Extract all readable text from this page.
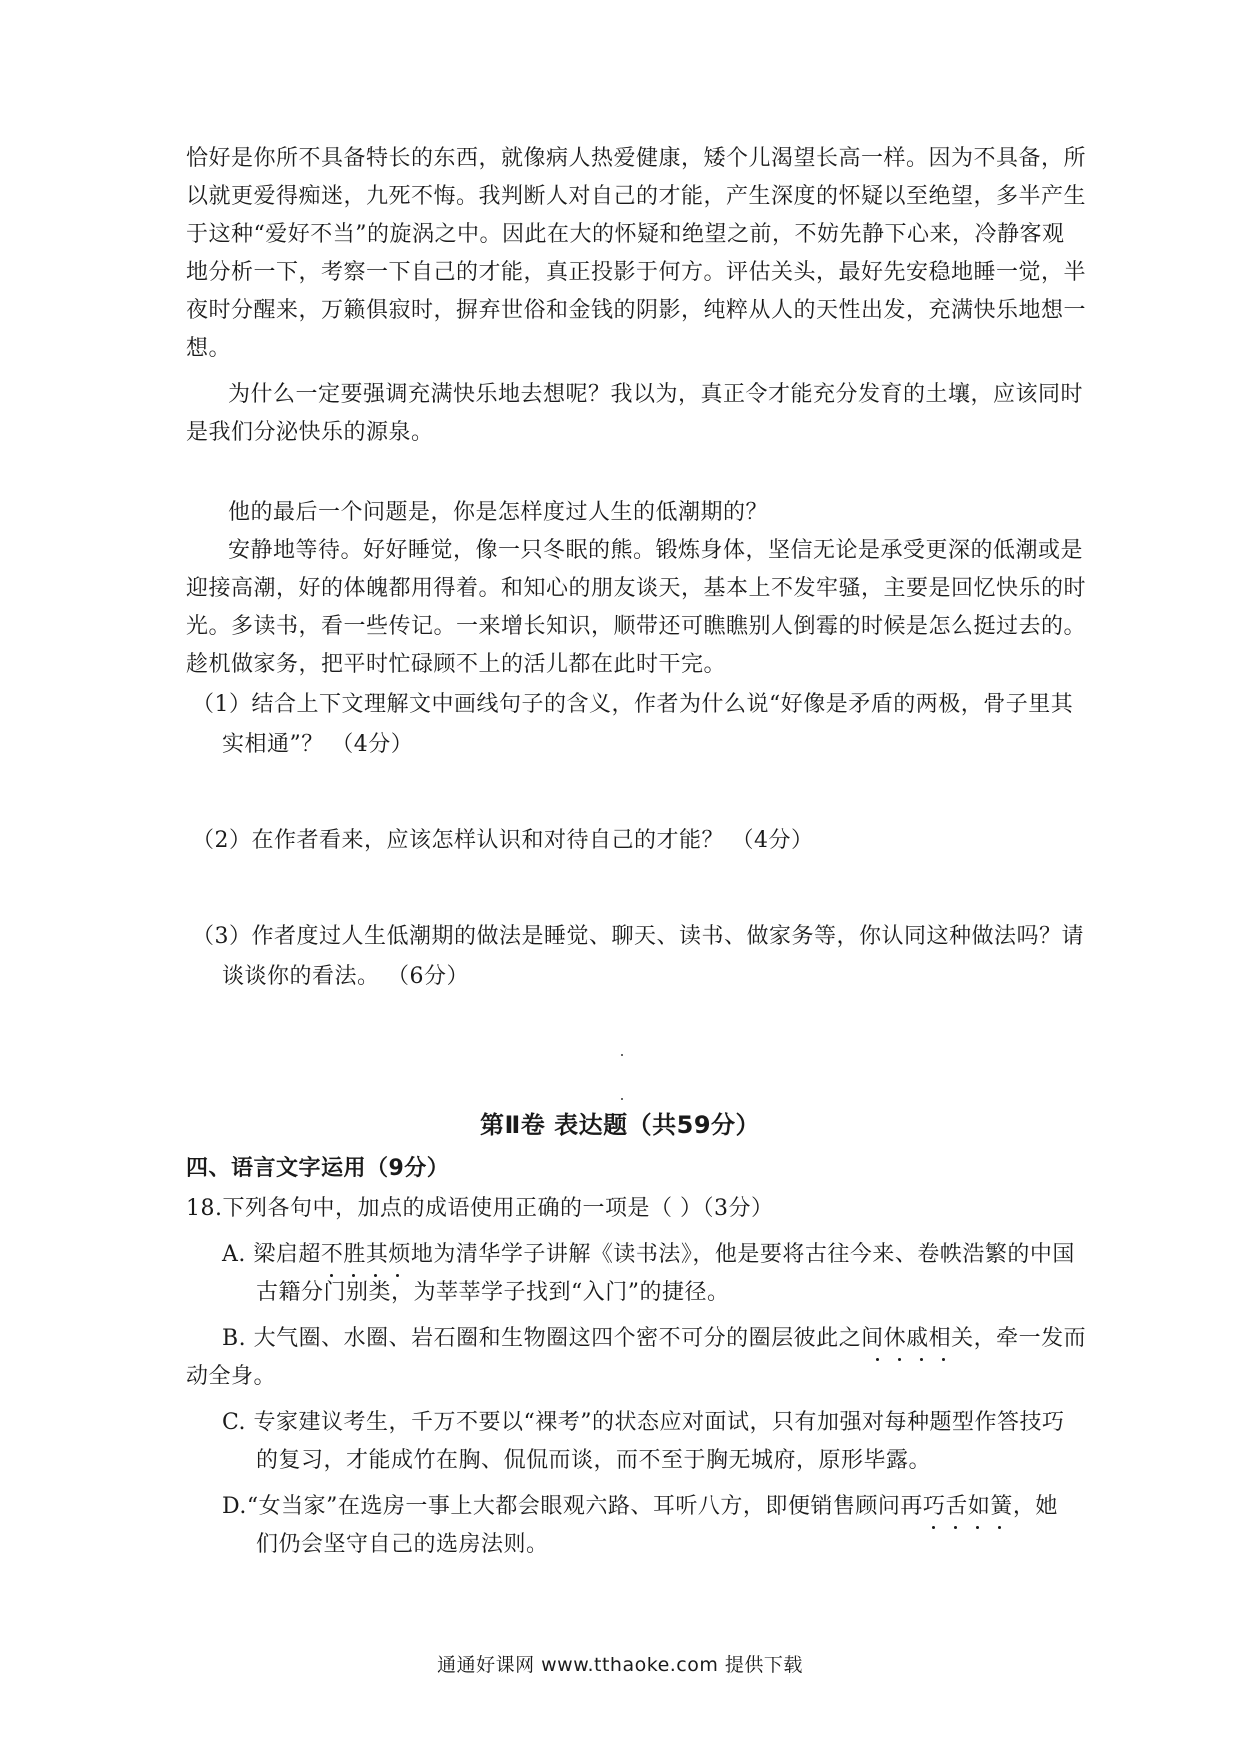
恰好是你所不具备特长的东西，就像病人热爱健康，矮个儿渴望长高一样。因为不具备，所
以就更爱得痴迷，九死不悔。我判断人对自己的才能，产生深度的怀疑以至绝望，多半产生
于这种“爱好不当”的旋涡之中。因此在大的怀疑和绝望之前，不妨先静下心来，冷静客观
地分析一下，考察一下自己的才能，真正投影于何方。评估关头，最好先安稳地睡一觉，半
夜时分醒来，万籁俱寂时，摒弃世俗和金钱的阴影，纯粹从人的天性出发，充满快乐地想一
想。
为什么一定要强调充满快乐地去想呢？我以为，真正令才能充分发育的土壤，应该同时
是我们分泌快乐的源泉。
他的最后一个问题是，你是怎样度过人生的低潮期的？
安静地等待。好好睡觉，像一只冬眠的熊。锻炼身体，坚信无论是承受更深的低潮或是
迎接高潮，好的体魄都用得着。和知心的朋友谈天，基本上不发牢骚，主要是回忆快乐的时
光。多读书，看一些传记。一来增长知识，顺带还可瞧瞧别人倒霉的时候是怎么挺过去的。
趁机做家务，把平时忙碌顾不上的活儿都在此时干完。
（1）结合上下文理解文中画线句子的含义，作者为什么说“好像是矛盾的两极，骨子里其
实相通”？ （4分）
（2）在作者看来，应该怎样认识和对待自己的才能？ （4分）
（3）作者度过人生低潮期的做法是睡觉、聊天、读书、做家务等，你认同这种做法吗？请
谈谈你的看法。 （6分）
第Ⅱ卷 表达题（共59分）
四、语言文字运用（9分）
18.下列各句中，加点的成语使用正确的一项是（ ）（3分）
A. 梁启超不胜其烦地为清华学子讲解《读书法》，他是要将古往今来、卷帙浩繁的中国
古籍分门别类，为莘莘学子找到“入门”的捷径。
B. 大气圈、水圈、岩石圈和生物圈这四个密不可分的圈层彼此之间休戚相关，牵一发而
动全身。
C. 专家建议考生，千万不要以“裸考”的状态应对面试，只有加强对每种题型作答技巧
的复习，才能成竹在胸、侃侃而谈，而不至于胸无城府，原形毕露。
D.“女当家”在选房一事上大都会眼观六路、耳听八方，即便销售顾问再巧舌如簧，她
们仍会坚守自己的选房法则。
通通好课网 www.tthaoke.com 提供下载
